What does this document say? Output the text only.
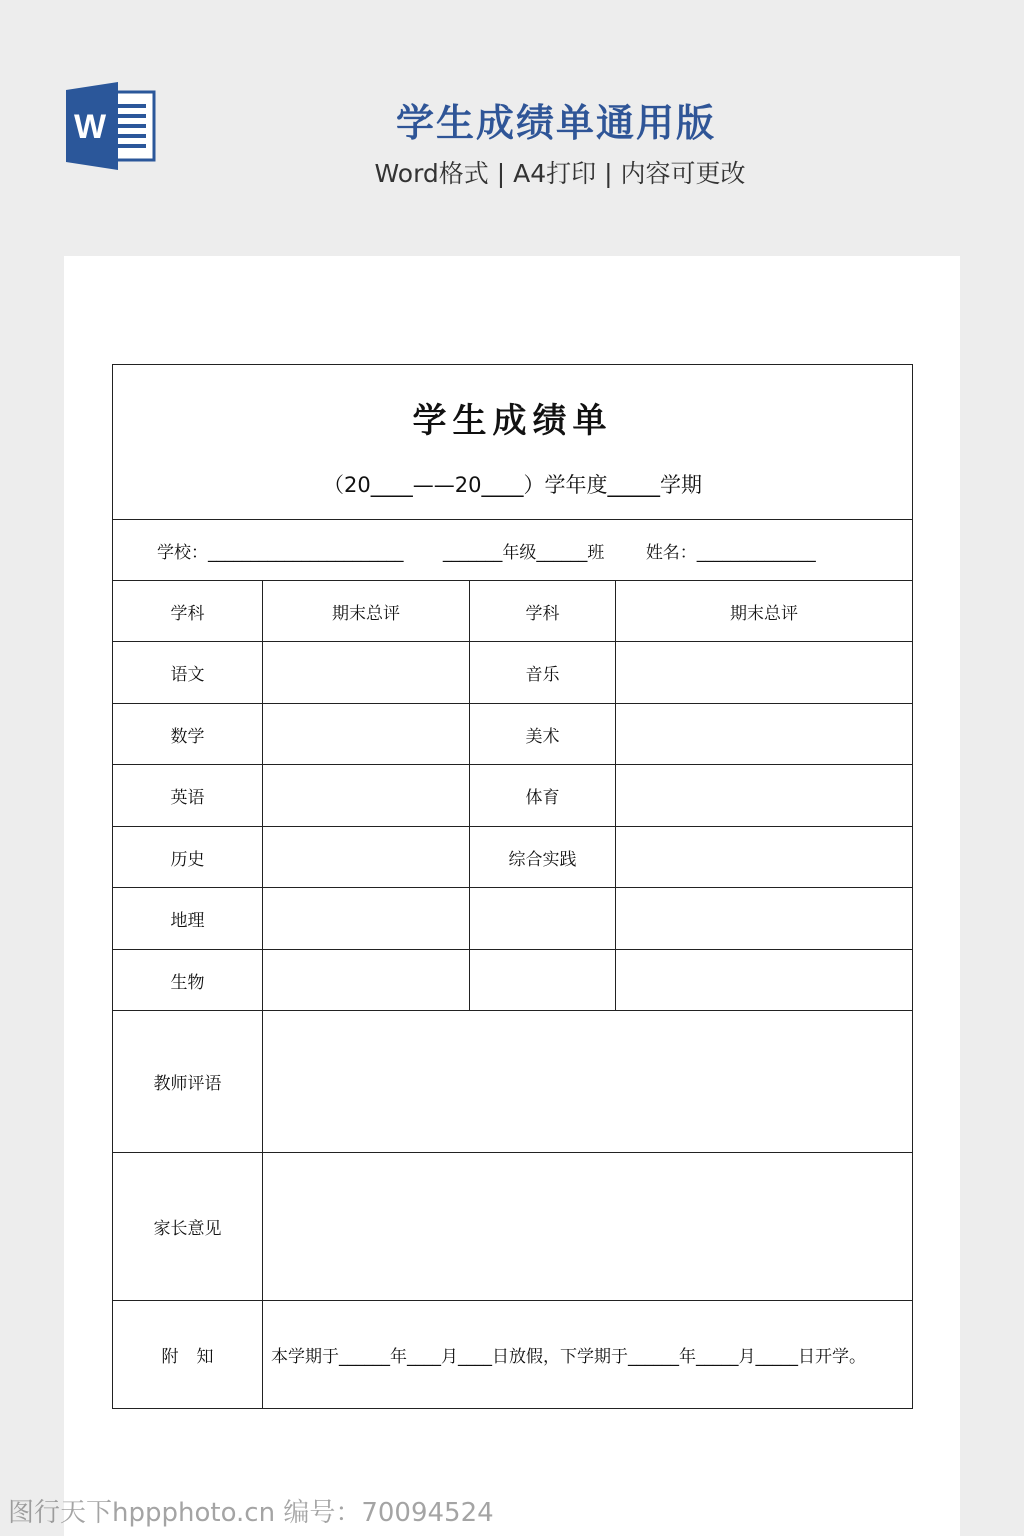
W	学生成绩单通用版
Word格式 | A4打印 | 内容可更改
学生成绩单
（20____——20____）学年度_____学期			

学校：_______________________ _______年级______班 姓名：______________			
学科	期末总评	学科	期末总评
语文		音乐	
数学		美术	
英语		体育	
历史		综合实践	
地理			
生物			
教师评语			
家长意见			
附知	本学期于______年____月____日放假，下学期于______年_____月_____日开学。		
图行天下hppphoto.cn 编号：70094524
